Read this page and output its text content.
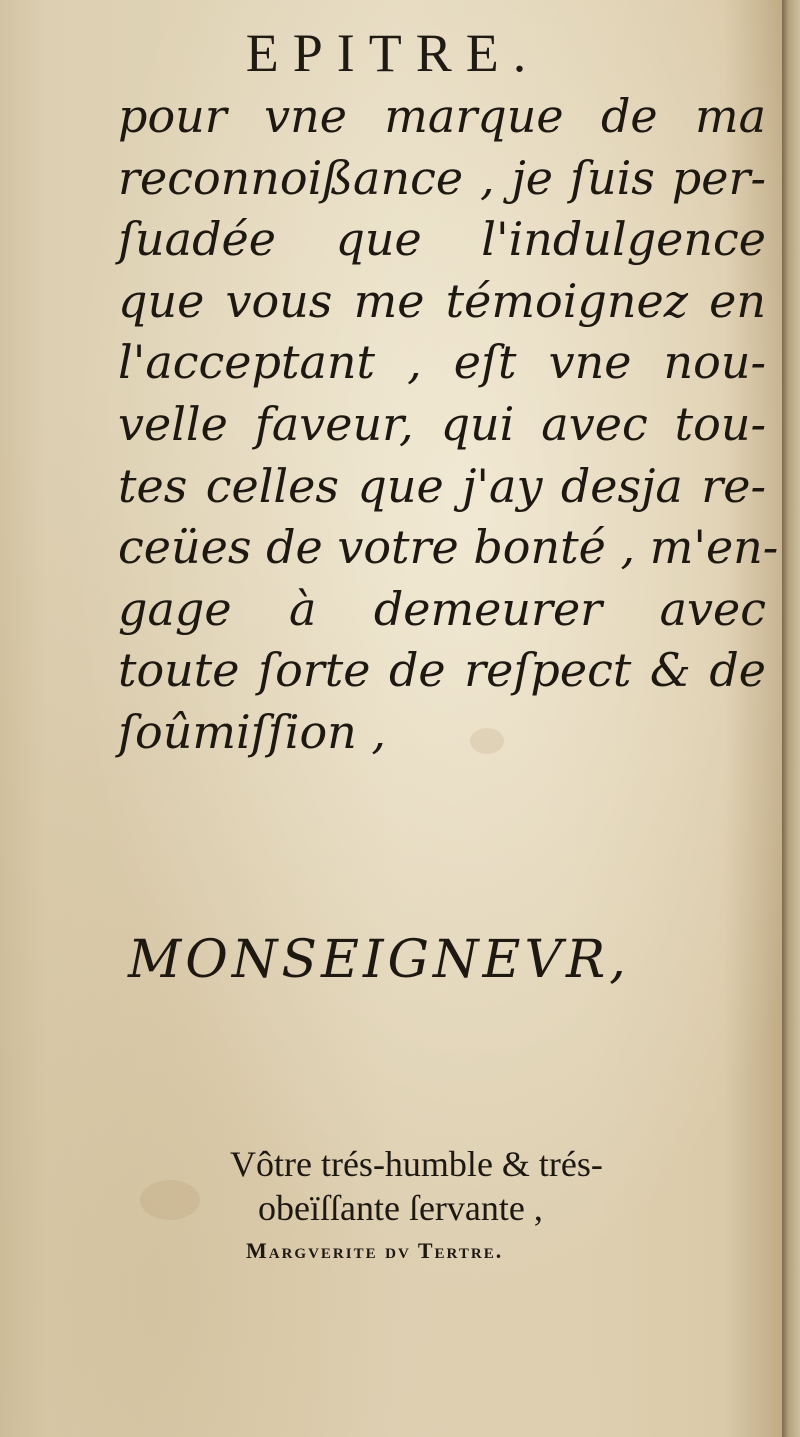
EPITRE.
pour vne marque de ma
reconnoißance , je ſuis per-
ſuadée que l'indulgence
que vous me témoignez en
l'acceptant , eſt vne nou-
velle faveur, qui avec tou-
tes celles que j'ay desja re-
ceües de votre bonté , m'en-
gage à demeurer avec
toute ſorte de reſpect & de
ſoûmiſſion ,
MONSEIGNEVR,
Vôtre trés-humble & trés-
obeïſſante ſervante ,
Margverite dv Tertre.
